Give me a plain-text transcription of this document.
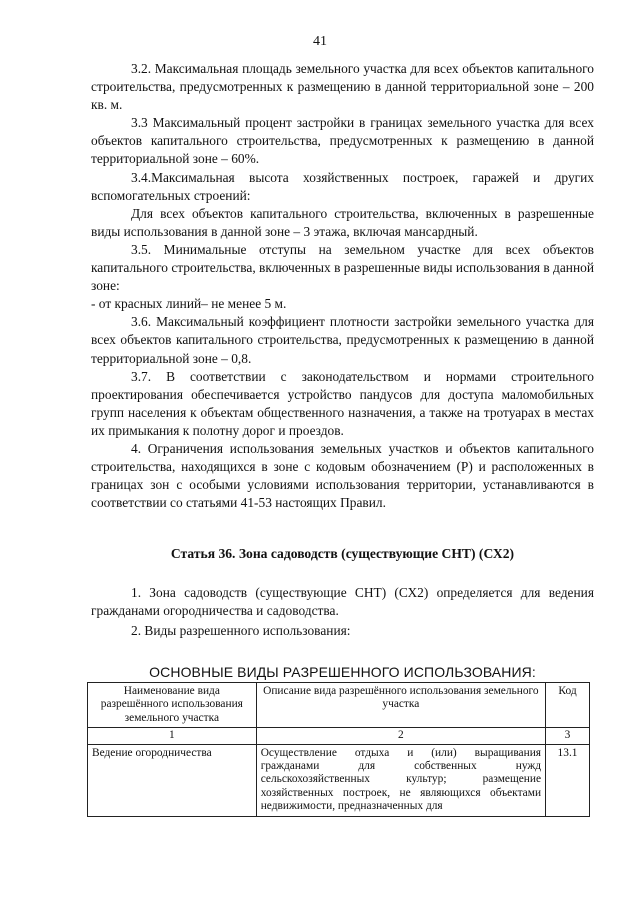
41

3.2. Максимальная площадь земельного участка для всех объектов капитального строительства, предусмотренных к размещению в данной территориальной зоне – 200 кв. м.

3.3 Максимальный процент застройки в границах земельного участка для всех объектов капитального строительства, предусмотренных к размещению в данной территориальной зоне – 60%.

3.4.Максимальная высота хозяйственных построек, гаражей и других вспомогательных строений:

Для всех объектов капитального строительства, включенных в разрешенные виды использования в данной зоне – 3 этажа, включая мансардный.

3.5. Минимальные отступы на земельном участке для всех объектов капитального строительства, включенных в разрешенные виды использования в данной зоне:

- от красных линий– не менее 5 м.

3.6. Максимальный коэффициент плотности застройки земельного участка для всех объектов капитального строительства, предусмотренных к размещению в данной территориальной зоне – 0,8.

3.7. В соответствии с законодательством и нормами строительного проектирования обеспечивается устройство пандусов для доступа маломобильных групп населения к объектам общественного назначения, а также на тротуарах в местах их примыкания к полотну дорог и проездов.

4. Ограничения использования земельных участков и объектов капитального строительства, находящихся в зоне с кодовым обозначением (Р) и расположенных в границах зон с особыми условиями использования территории, устанавливаются в соответствии со статьями 41-53 настоящих Правил.

Статья 36. Зона садоводств (существующие СНТ) (СХ2)

1. Зона садоводств (существующие СНТ) (СХ2) определяется для ведения гражданами огородничества и садоводства.

2. Виды разрешенного использования:

ОСНОВНЫЕ ВИДЫ РАЗРЕШЕННОГО ИСПОЛЬЗОВАНИЯ:
Наименование вида разрешённого использования земельного участка	Описание вида разрешённого использования земельного участка	Код
1	2	3
Ведение огородничества	Осуществление отдыха и (или) выращивания гражданами для собственных нужд сельскохозяйственных культур; размещение хозяйственных построек, не являющихся объектами недвижимости, предназначенных для	13.1
